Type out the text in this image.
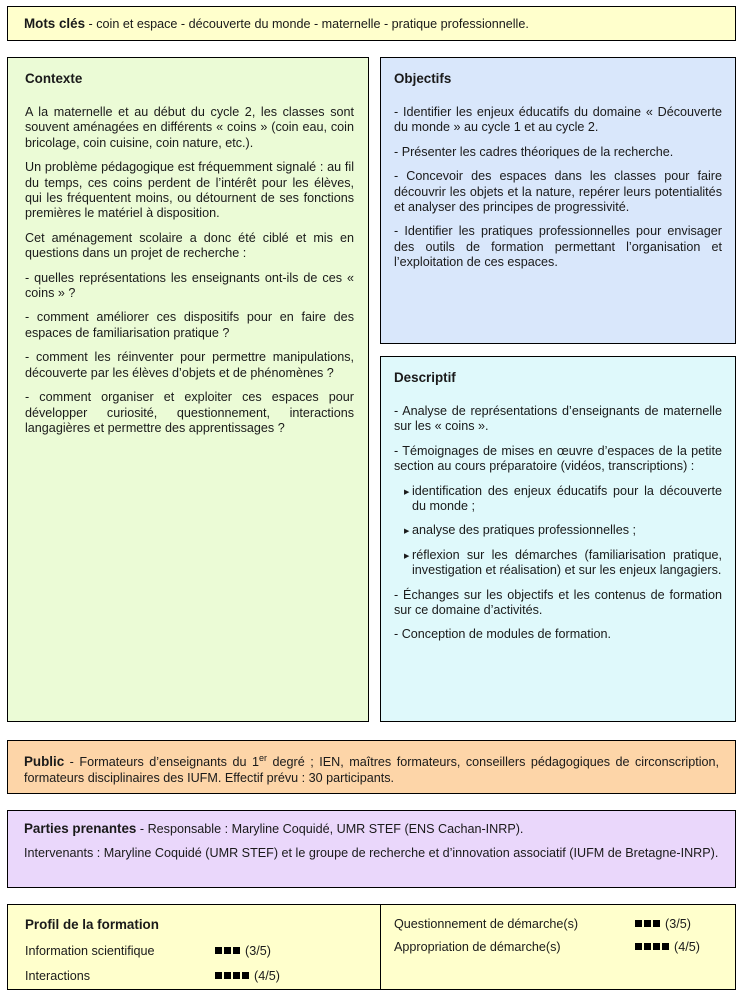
Mots clés - coin et espace - découverte du monde - maternelle - pratique professionnelle.
Contexte

A la maternelle et au début du cycle 2, les classes sont souvent aménagées en différents « coins » (coin eau, coin bricolage, coin cuisine, coin nature, etc.).

Un problème pédagogique est fréquemment signalé : au fil du temps, ces coins perdent de l’intérêt pour les élèves, qui les fréquentent moins, ou détournent de ses fonctions premières le matériel à disposition.

Cet aménagement scolaire a donc été ciblé et mis en questions dans un projet de recherche :

- quelles représentations les enseignants ont-ils de ces « coins » ?

- comment améliorer ces dispositifs pour en faire des espaces de familiarisation pratique ?

- comment les réinventer pour permettre manipulations, découverte par les élèves d’objets et de phénomènes ?

- comment organiser et exploiter ces espaces pour développer curiosité, questionnement, interactions langagières et permettre des apprentissages ?

Objectifs

- Identifier les enjeux éducatifs du domaine « Découverte du monde » au cycle 1 et au cycle 2.

- Présenter les cadres théoriques de la recherche.

- Concevoir des espaces dans les classes pour faire découvrir les objets et la nature, repérer leurs potentialités et analyser des principes de progressivité.

- Identifier les pratiques professionnelles pour envisager des outils de formation permettant l’organisation et l’exploitation de ces espaces.

Descriptif

- Analyse de représentations d’enseignants de maternelle sur les « coins ».

- Témoignages de mises en œuvre d’espaces de la petite section au cours préparatoire (vidéos, transcriptions) :

▶ identification des enjeux éducatifs pour la découverte du monde ;

▶ analyse des pratiques professionnelles ;

▶ réflexion sur les démarches (familiarisation pratique, investigation et réalisation) et sur les enjeux langagiers.

- Échanges sur les objectifs et les contenus de formation sur ce domaine d’activités.

- Conception de modules de formation.

Public - Formateurs d’enseignants du 1er degré ; IEN, maîtres formateurs, conseillers pédagogiques de circonscription, formateurs disciplinaires des IUFM. Effectif prévu : 30 participants.

Parties prenantes - Responsable : Maryline Coquidé, UMR STEF (ENS Cachan-INRP).

Intervenants : Maryline Coquidé (UMR STEF) et le groupe de recherche et d’innovation associatif (IUFM de Bretagne-INRP).

Profil de la formation
Information scientifique	(3/5)
Interactions	(4/5)
Questionnement de démarche(s)	(3/5)
Appropriation de démarche(s)	(4/5)
